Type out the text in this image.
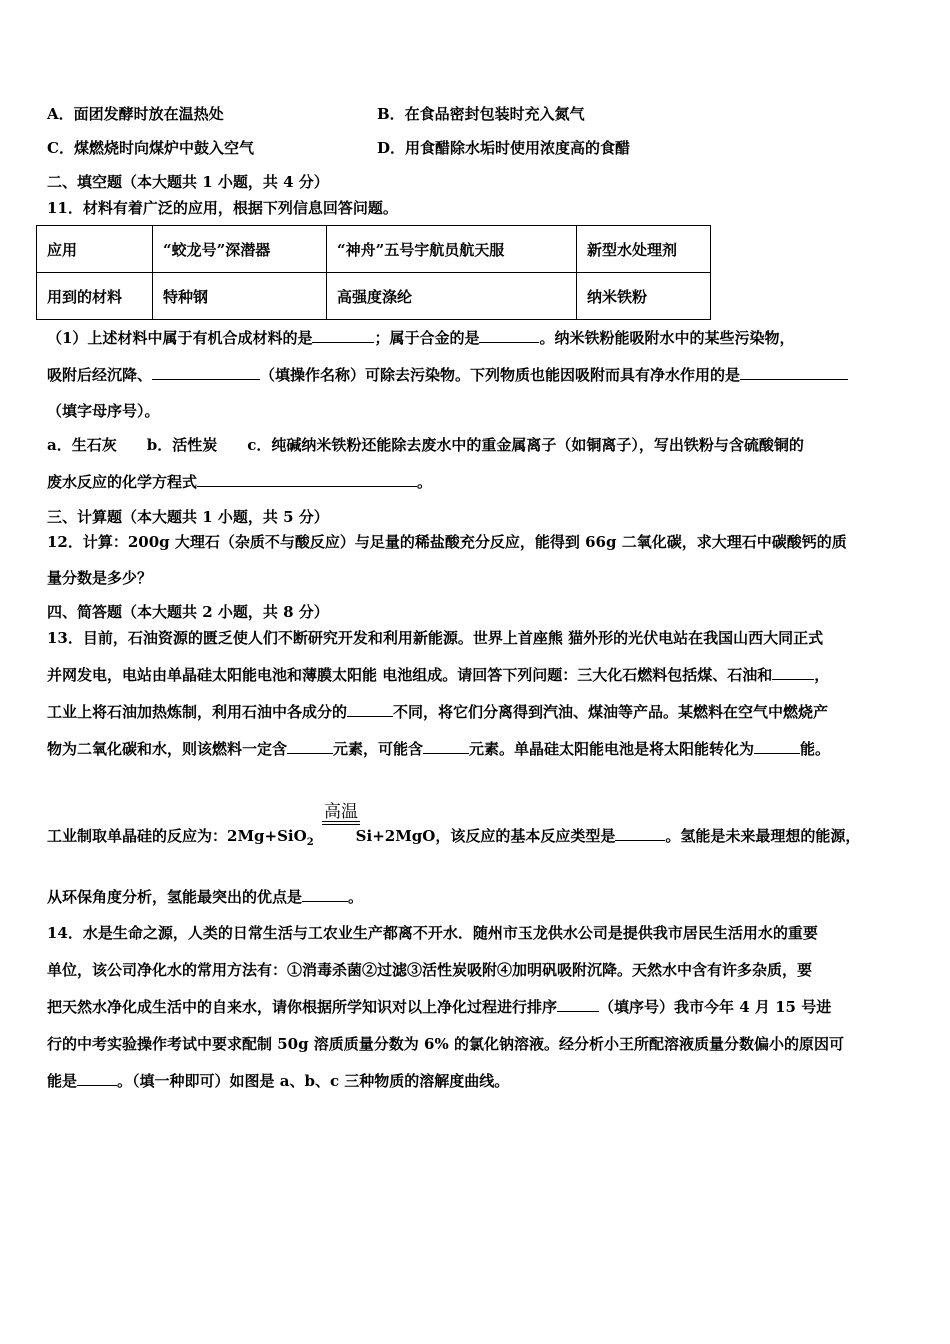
A．面团发酵时放在温热处	B．在食品密封包装时充入氮气
C．煤燃烧时向煤炉中鼓入空气	D．用食醋除水垢时使用浓度高的食醋
二、填空题（本大题共 1 小题，共 4 分）
11．材料有着广泛的应用，根据下列信息回答问题。
应用	“蛟龙号”深潜器	“神舟”五号宇航员航天服	新型水处理剂
用到的材料	特种钢	高强度涤纶	纳米铁粉
（1）上述材料中属于有机合成材料的是	；属于合金的是	。纳米铁粉能吸附水中的某些污染物，
吸附后经沉降、	（填操作名称）可除去污染物。下列物质也能因吸附而具有净水作用的是
（填字母序号）。
a．生石灰　　b．活性炭　　c．纯碱纳米铁粉还能除去废水中的重金属离子（如铜离子），写出铁粉与含硫酸铜的
废水反应的化学方程式	。
三、计算题（本大题共 1 小题，共 5 分）
12．计算：200g 大理石（杂质不与酸反应）与足量的稀盐酸充分反应，能得到 66g 二氧化碳，求大理石中碳酸钙的质
量分数是多少？
四、简答题（本大题共 2 小题，共 8 分）
13．目前，石油资源的匮乏使人们不断研究开发和利用新能源。世界上首座熊 猫外形的光伏电站在我国山西大同正式
并网发电，电站由单晶硅太阳能电池和薄膜太阳能 电池组成。请回答下列问题：三大化石燃料包括煤、石油和	，
工业上将石油加热炼制，利用石油中各成分的	不同，将它们分离得到汽油、煤油等产品。某燃料在空气中燃烧产
物为二氧化碳和水，则该燃料一定含	元素，可能含	元素。单晶硅太阳能电池是将太阳能转化为	能。
高温
工业制取单晶硅的反应为：2Mg+SiO$_2$	Si+2MgO，该反应的基本反应类型是	。氢能是未来最理想的能源，
从环保角度分析，氢能最突出的优点是	。
14．水是生命之源，人类的日常生活与工农业生产都离不开水．随州市玉龙供水公司是提供我市居民生活用水的重要
单位，该公司净化水的常用方法有：①消毒杀菌②过滤③活性炭吸附④加明矾吸附沉降。天然水中含有许多杂质，要
把天然水净化成生活中的自来水，请你根据所学知识对以上净化过程进行排序	（填序号）我市今年 4 月 15 号进
行的中考实验操作考试中要求配制 50g 溶质质量分数为 6% 的氯化钠溶液。经分析小王所配溶液质量分数偏小的原因可
能是	。（填一种即可）如图是 a、b、c 三种物质的溶解度曲线。
